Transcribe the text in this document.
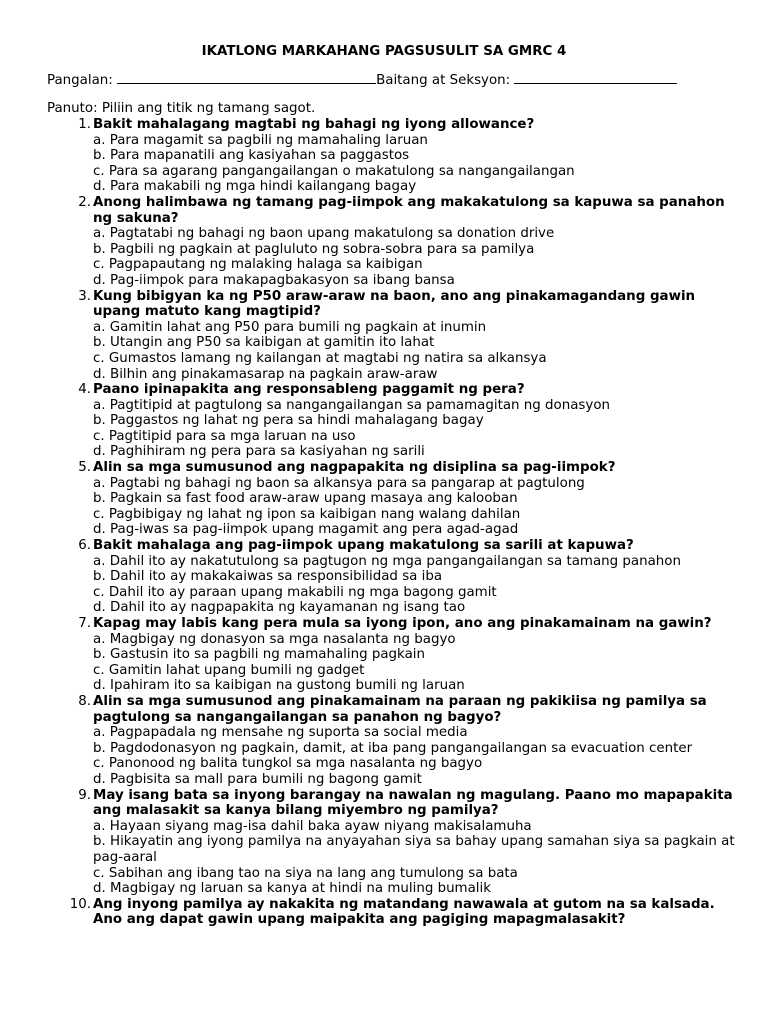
IKATLONG MARKAHANG PAGSUSULIT SA GMRC 4
Pangalan:	Baitang at Seksyon:
Panuto: Piliin ang titik ng tamang sagot.
1. Bakit mahalagang magtabi ng bahagi ng iyong allowance?
a. Para magamit sa pagbili ng mamahaling laruan
b. Para mapanatili ang kasiyahan sa paggastos
c. Para sa agarang pangangailangan o makatulong sa nangangailangan
d. Para makabili ng mga hindi kailangang bagay
2. Anong halimbawa ng tamang pag-iimpok ang makakatulong sa kapuwa sa panahon ng sakuna?
a. Pagtatabi ng bahagi ng baon upang makatulong sa donation drive
b. Pagbili ng pagkain at pagluluto ng sobra-sobra para sa pamilya
c. Pagpapautang ng malaking halaga sa kaibigan
d. Pag-iimpok para makapagbakasyon sa ibang bansa
3. Kung bibigyan ka ng P50 araw-araw na baon, ano ang pinakamagandang gawin upang matuto kang magtipid?
a. Gamitin lahat ang P50 para bumili ng pagkain at inumin
b. Utangin ang P50 sa kaibigan at gamitin ito lahat
c. Gumastos lamang ng kailangan at magtabi ng natira sa alkansya
d. Bilhin ang pinakamasarap na pagkain araw-araw
4. Paano ipinapakita ang responsableng paggamit ng pera?
a. Pagtitipid at pagtulong sa nangangailangan sa pamamagitan ng donasyon
b. Paggastos ng lahat ng pera sa hindi mahalagang bagay
c. Pagtitipid para sa mga laruan na uso
d. Paghihiram ng pera para sa kasiyahan ng sarili
5. Alin sa mga sumusunod ang nagpapakita ng disiplina sa pag-iimpok?
a. Pagtabi ng bahagi ng baon sa alkansya para sa pangarap at pagtulong
b. Pagkain sa fast food araw-araw upang masaya ang kalooban
c. Pagbibigay ng lahat ng ipon sa kaibigan nang walang dahilan
d. Pag-iwas sa pag-iimpok upang magamit ang pera agad-agad
6. Bakit mahalaga ang pag-iimpok upang makatulong sa sarili at kapuwa?
a. Dahil ito ay nakatutulong sa pagtugon ng mga pangangailangan sa tamang panahon
b. Dahil ito ay makakaiwas sa responsibilidad sa iba
c. Dahil ito ay paraan upang makabili ng mga bagong gamit
d. Dahil ito ay nagpapakita ng kayamanan ng isang tao
7. Kapag may labis kang pera mula sa iyong ipon, ano ang pinakamainam na gawin?
a. Magbigay ng donasyon sa mga nasalanta ng bagyo
b. Gastusin ito sa pagbili ng mamahaling pagkain
c. Gamitin lahat upang bumili ng gadget
d. Ipahiram ito sa kaibigan na gustong bumili ng laruan
8. Alin sa mga sumusunod ang pinakamainam na paraan ng pakikiisa ng pamilya sa pagtulong sa nangangailangan sa panahon ng bagyo?
a. Pagpapadala ng mensahe ng suporta sa social media
b. Pagdodonasyon ng pagkain, damit, at iba pang pangangailangan sa evacuation center
c. Panonood ng balita tungkol sa mga nasalanta ng bagyo
d. Pagbisita sa mall para bumili ng bagong gamit
9. May isang bata sa inyong barangay na nawalan ng magulang. Paano mo mapapakita ang malasakit sa kanya bilang miyembro ng pamilya?
a. Hayaan siyang mag-isa dahil baka ayaw niyang makisalamuha
b. Hikayatin ang iyong pamilya na anyayahan siya sa bahay upang samahan siya sa pagkain at pag-aaral
c. Sabihan ang ibang tao na siya na lang ang tumulong sa bata
d. Magbigay ng laruan sa kanya at hindi na muling bumalik
10. Ang inyong pamilya ay nakakita ng matandang nawawala at gutom na sa kalsada. Ano ang dapat gawin upang maipakita ang pagiging mapagmalasakit?
